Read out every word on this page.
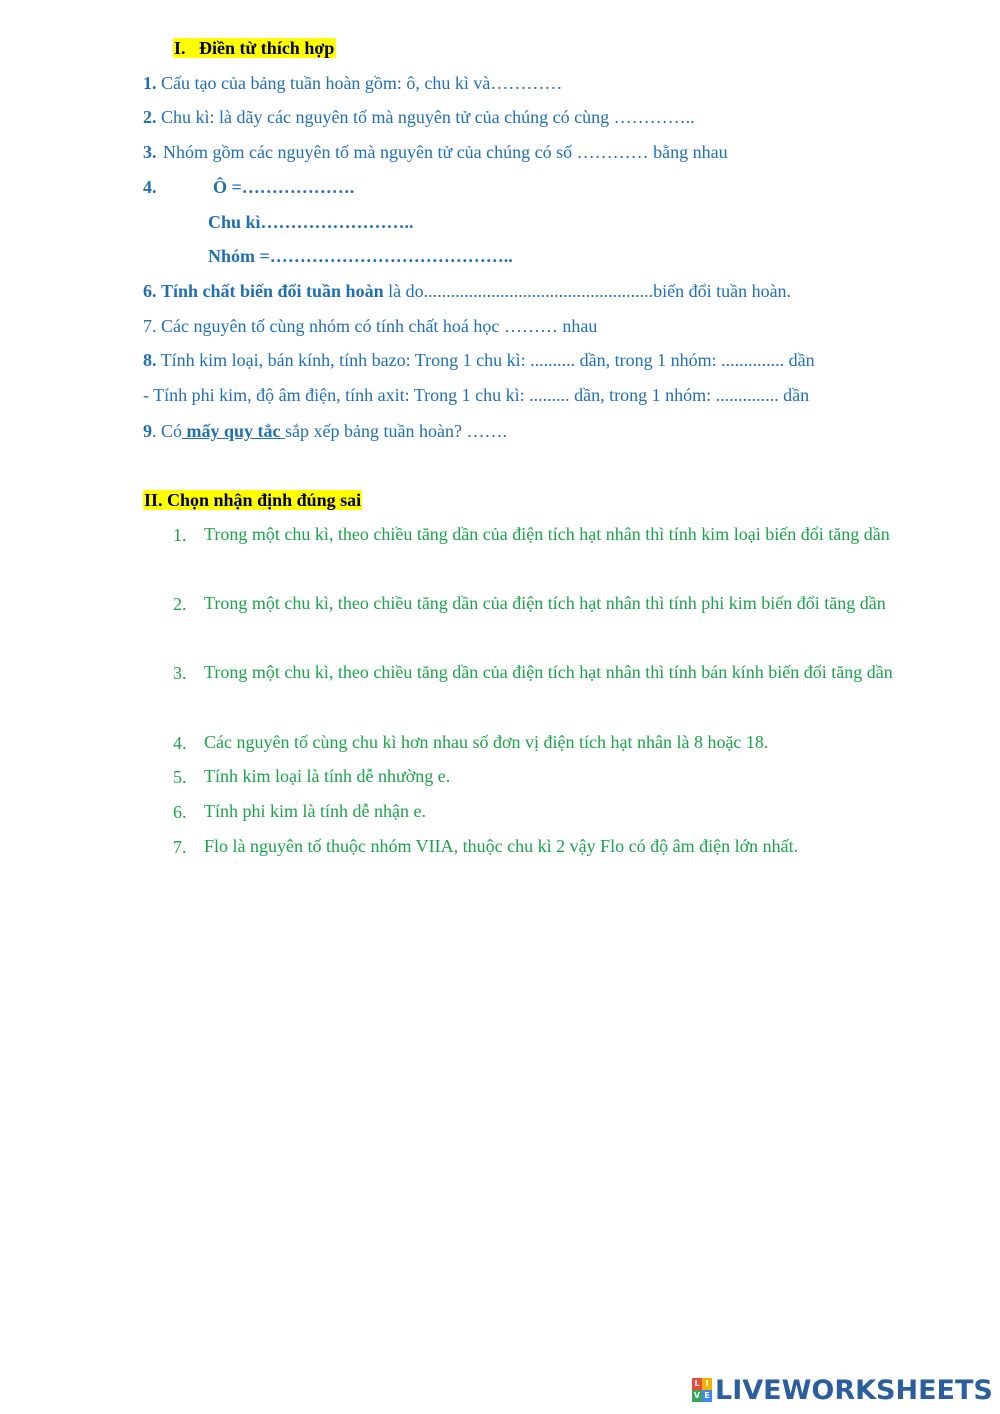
I. Điền từ thích hợp
1. Cấu tạo của bảng tuần hoàn gồm: ô, chu kì và…………
2. Chu kì: là dãy các nguyên tố mà nguyên tử của chúng có cùng …………..
3. Nhóm gồm các nguyên tố mà nguyên tử của chúng có số ………… bằng nhau
4.	Ô =……………….
Chu kì……………………..
Nhóm =…………………………………..
6. Tính chất biến đổi tuần hoàn là do...................................................biến đổi tuần hoàn.
7. Các nguyên tố cùng nhóm có tính chất hoá học ……… nhau
8. Tính kim loại, bán kính, tính bazo: Trong 1 chu kì: .......... dần, trong 1 nhóm: .............. dần
- Tính phi kim, độ âm điện, tính axit: Trong 1 chu kì: ......... dần, trong 1 nhóm: .............. dần
9. Có mấy quy tắc sắp xếp bảng tuần hoàn? …….
II. Chọn nhận định đúng sai
1. Trong một chu kì, theo chiều tăng dần của điện tích hạt nhân thì tính kim loại biến đổi tăng dần
2. Trong một chu kì, theo chiều tăng dần của điện tích hạt nhân thì tính phi kim biến đổi tăng dần
3. Trong một chu kì, theo chiều tăng dần của điện tích hạt nhân thì tính bán kính biến đổi tăng dần
4. Các nguyên tố cùng chu kì hơn nhau số đơn vị điện tích hạt nhân là 8 hoặc 18.
5. Tính kim loại là tính dễ nhường e.
6. Tính phi kim là tính dễ nhận e.
7. Flo là nguyên tố thuộc nhóm VIIA, thuộc chu kì 2 vậy Flo có độ âm điện lớn nhất.
L I
V E LIVEWORKSHEETS
